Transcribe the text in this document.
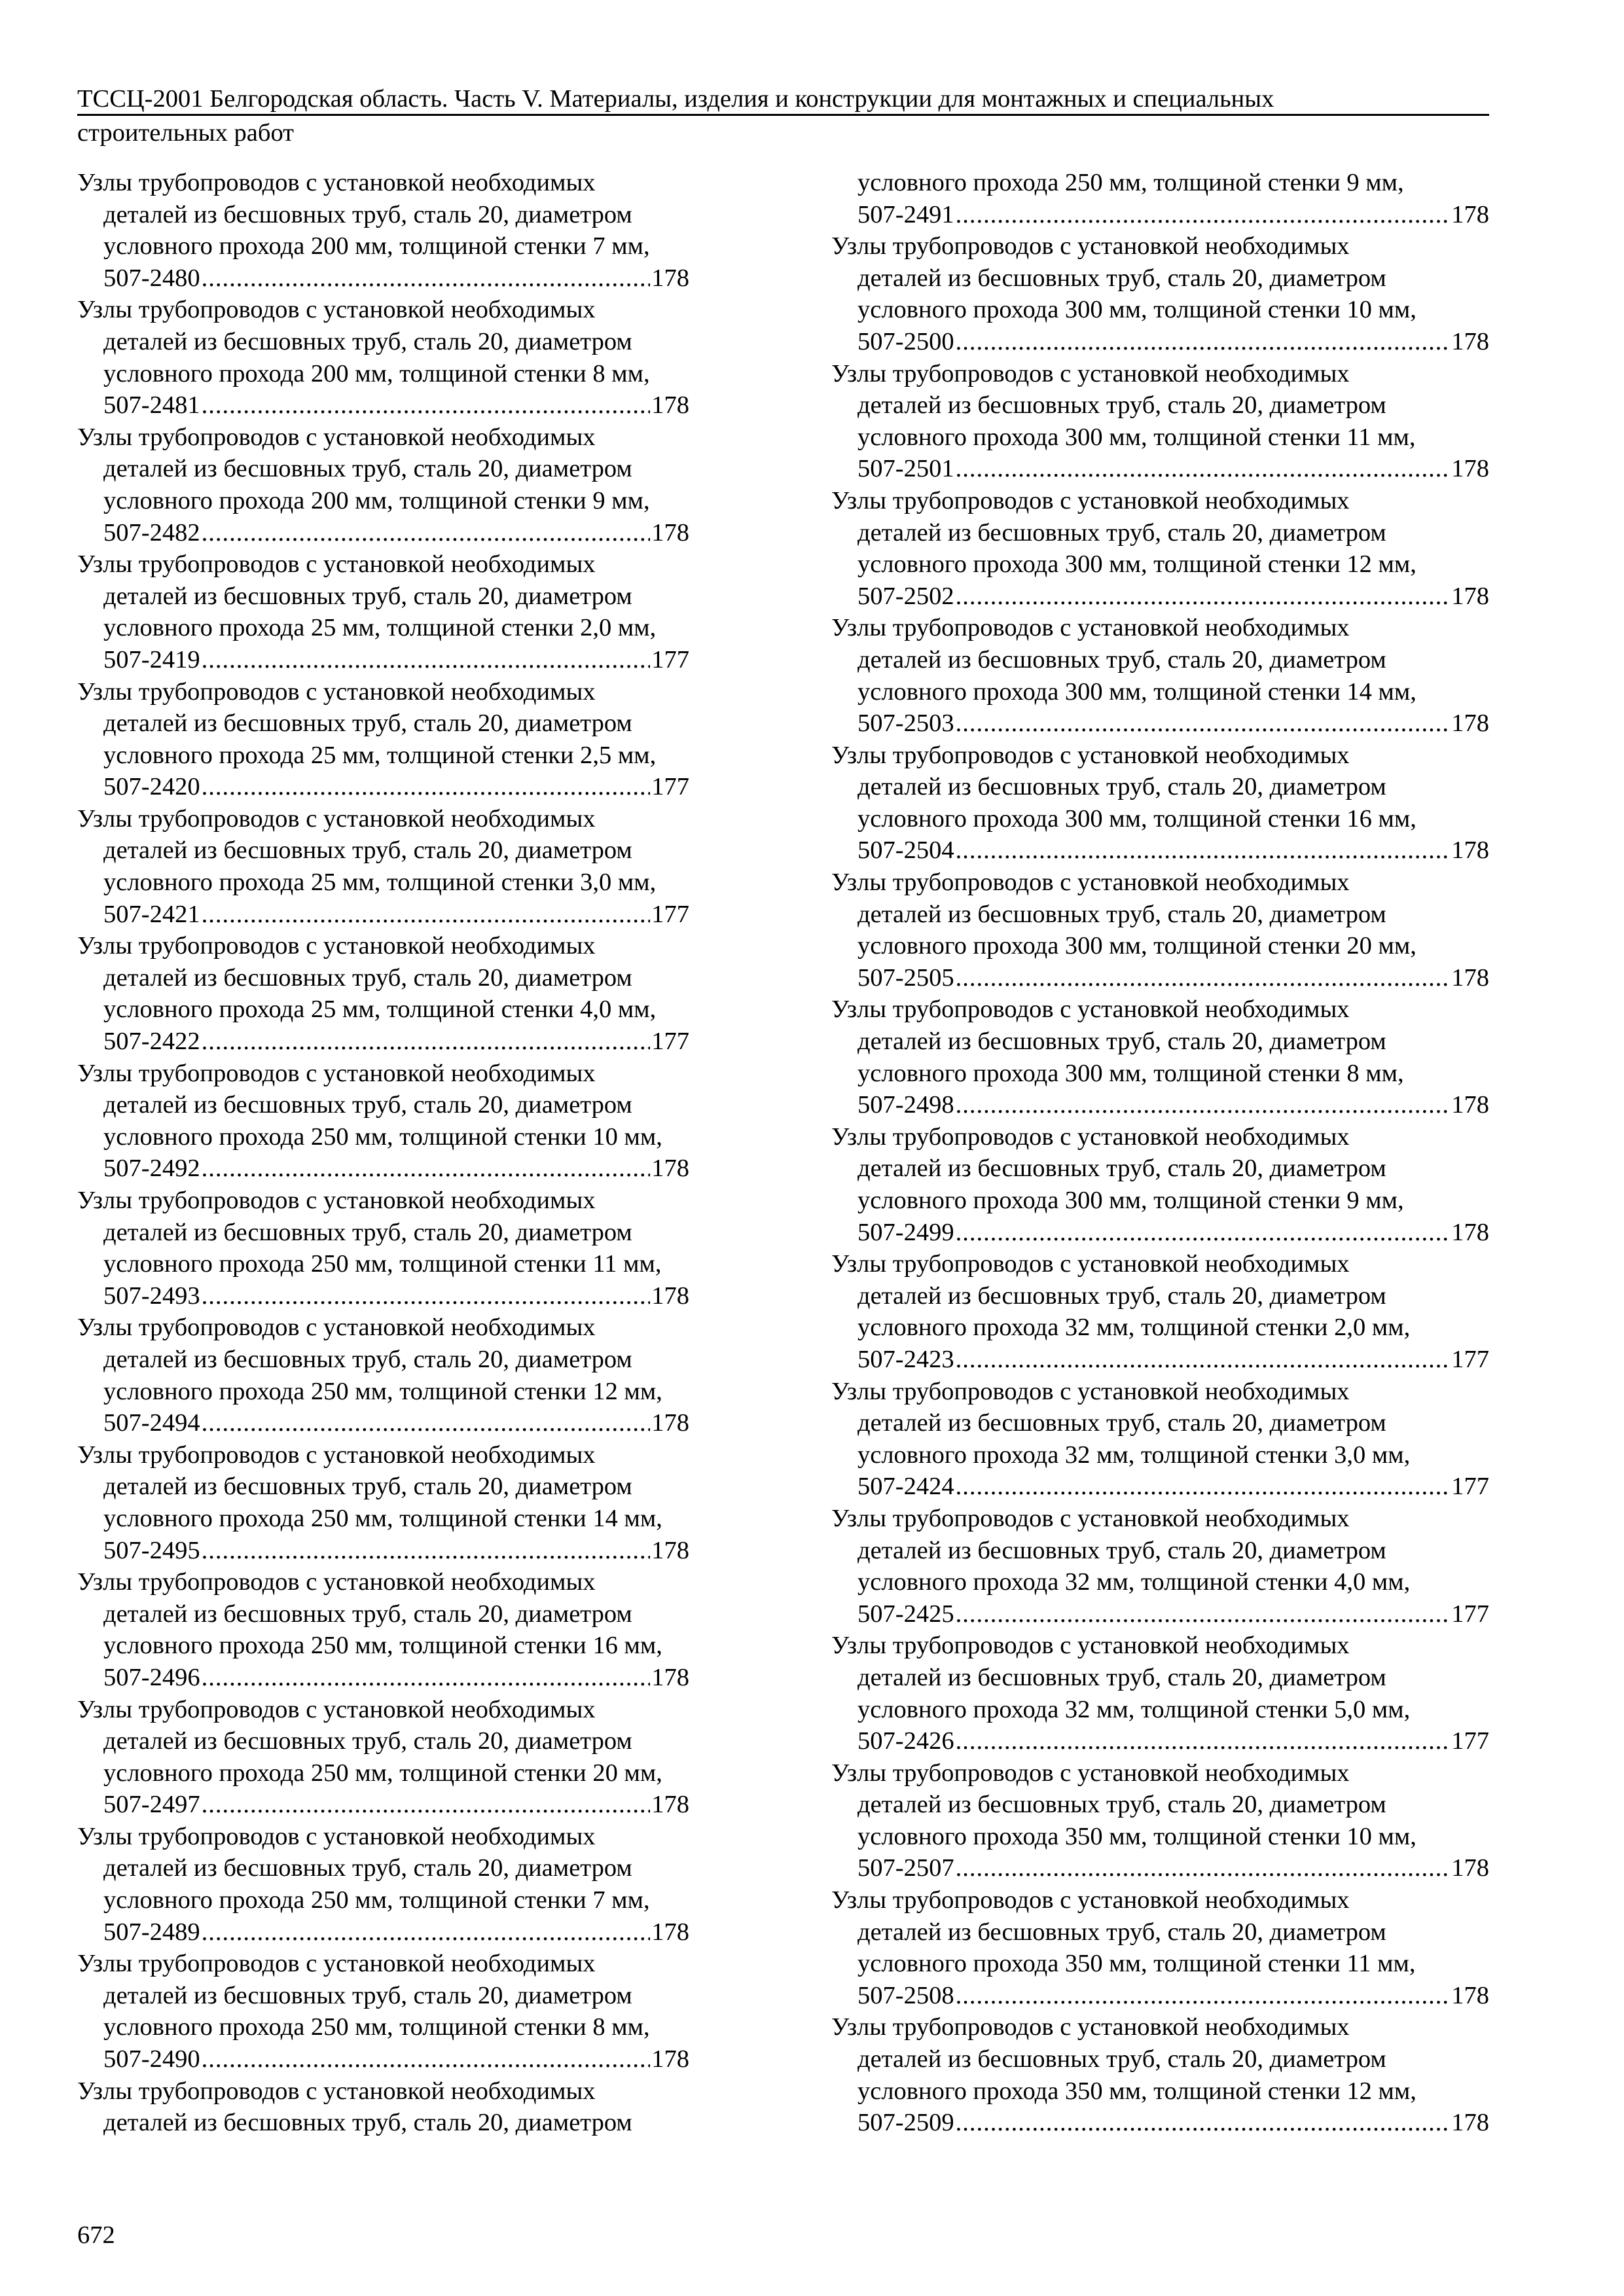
ТССЦ-2001 Белгородская область. Часть V. Материалы, изделия и конструкции для монтажных и специальных
строительных работ
Узлы трубопроводов с установкой необходимых
деталей из бесшовных труб, сталь 20, диаметром
условного прохода 200 мм, толщиной стенки 7 мм,
507-2480 .....	178
Узлы трубопроводов с установкой необходимых
деталей из бесшовных труб, сталь 20, диаметром
условного прохода 200 мм, толщиной стенки 8 мм,
507-2481 .....	178
Узлы трубопроводов с установкой необходимых
деталей из бесшовных труб, сталь 20, диаметром
условного прохода 200 мм, толщиной стенки 9 мм,
507-2482 .....	178
Узлы трубопроводов с установкой необходимых
деталей из бесшовных труб, сталь 20, диаметром
условного прохода 25 мм, толщиной стенки 2,0 мм,
507-2419 .....	177
Узлы трубопроводов с установкой необходимых
деталей из бесшовных труб, сталь 20, диаметром
условного прохода 25 мм, толщиной стенки 2,5 мм,
507-2420 .....	177
Узлы трубопроводов с установкой необходимых
деталей из бесшовных труб, сталь 20, диаметром
условного прохода 25 мм, толщиной стенки 3,0 мм,
507-2421 .....	177
Узлы трубопроводов с установкой необходимых
деталей из бесшовных труб, сталь 20, диаметром
условного прохода 25 мм, толщиной стенки 4,0 мм,
507-2422 .....	177
Узлы трубопроводов с установкой необходимых
деталей из бесшовных труб, сталь 20, диаметром
условного прохода 250 мм, толщиной стенки 10 мм,
507-2492 .....	178
Узлы трубопроводов с установкой необходимых
деталей из бесшовных труб, сталь 20, диаметром
условного прохода 250 мм, толщиной стенки 11 мм,
507-2493 .....	178
Узлы трубопроводов с установкой необходимых
деталей из бесшовных труб, сталь 20, диаметром
условного прохода 250 мм, толщиной стенки 12 мм,
507-2494 .....	178
Узлы трубопроводов с установкой необходимых
деталей из бесшовных труб, сталь 20, диаметром
условного прохода 250 мм, толщиной стенки 14 мм,
507-2495 .....	178
Узлы трубопроводов с установкой необходимых
деталей из бесшовных труб, сталь 20, диаметром
условного прохода 250 мм, толщиной стенки 16 мм,
507-2496 .....	178
Узлы трубопроводов с установкой необходимых
деталей из бесшовных труб, сталь 20, диаметром
условного прохода 250 мм, толщиной стенки 20 мм,
507-2497 .....	178
Узлы трубопроводов с установкой необходимых
деталей из бесшовных труб, сталь 20, диаметром
условного прохода 250 мм, толщиной стенки 7 мм,
507-2489 .....	178
Узлы трубопроводов с установкой необходимых
деталей из бесшовных труб, сталь 20, диаметром
условного прохода 250 мм, толщиной стенки 8 мм,
507-2490 .....	178
Узлы трубопроводов с установкой необходимых
деталей из бесшовных труб, сталь 20, диаметром
условного прохода 250 мм, толщиной стенки 9 мм,
507-2491 .....	178
Узлы трубопроводов с установкой необходимых
деталей из бесшовных труб, сталь 20, диаметром
условного прохода 300 мм, толщиной стенки 10 мм,
507-2500 .....	178
Узлы трубопроводов с установкой необходимых
деталей из бесшовных труб, сталь 20, диаметром
условного прохода 300 мм, толщиной стенки 11 мм,
507-2501 .....	178
Узлы трубопроводов с установкой необходимых
деталей из бесшовных труб, сталь 20, диаметром
условного прохода 300 мм, толщиной стенки 12 мм,
507-2502 .....	178
Узлы трубопроводов с установкой необходимых
деталей из бесшовных труб, сталь 20, диаметром
условного прохода 300 мм, толщиной стенки 14 мм,
507-2503 .....	178
Узлы трубопроводов с установкой необходимых
деталей из бесшовных труб, сталь 20, диаметром
условного прохода 300 мм, толщиной стенки 16 мм,
507-2504 .....	178
Узлы трубопроводов с установкой необходимых
деталей из бесшовных труб, сталь 20, диаметром
условного прохода 300 мм, толщиной стенки 20 мм,
507-2505 .....	178
Узлы трубопроводов с установкой необходимых
деталей из бесшовных труб, сталь 20, диаметром
условного прохода 300 мм, толщиной стенки 8 мм,
507-2498 .....	178
Узлы трубопроводов с установкой необходимых
деталей из бесшовных труб, сталь 20, диаметром
условного прохода 300 мм, толщиной стенки 9 мм,
507-2499 .....	178
Узлы трубопроводов с установкой необходимых
деталей из бесшовных труб, сталь 20, диаметром
условного прохода 32 мм, толщиной стенки 2,0 мм,
507-2423 .....	177
Узлы трубопроводов с установкой необходимых
деталей из бесшовных труб, сталь 20, диаметром
условного прохода 32 мм, толщиной стенки 3,0 мм,
507-2424 .....	177
Узлы трубопроводов с установкой необходимых
деталей из бесшовных труб, сталь 20, диаметром
условного прохода 32 мм, толщиной стенки 4,0 мм,
507-2425 .....	177
Узлы трубопроводов с установкой необходимых
деталей из бесшовных труб, сталь 20, диаметром
условного прохода 32 мм, толщиной стенки 5,0 мм,
507-2426 .....	177
Узлы трубопроводов с установкой необходимых
деталей из бесшовных труб, сталь 20, диаметром
условного прохода 350 мм, толщиной стенки 10 мм,
507-2507 .....	178
Узлы трубопроводов с установкой необходимых
деталей из бесшовных труб, сталь 20, диаметром
условного прохода 350 мм, толщиной стенки 11 мм,
507-2508 .....	178
Узлы трубопроводов с установкой необходимых
деталей из бесшовных труб, сталь 20, диаметром
условного прохода 350 мм, толщиной стенки 12 мм,
507-2509 .....	178
672
